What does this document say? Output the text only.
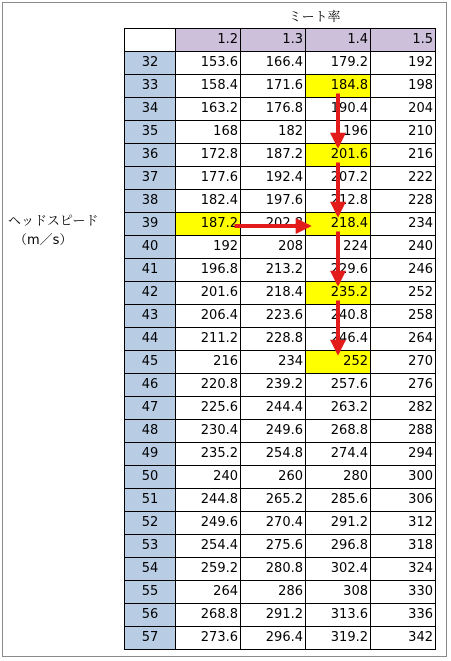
ミート率
ヘッドスピード
（m／s）
	1.2	1.3	1.4	1.5
32	153.6	166.4	179.2	192
33	158.4	171.6	184.8	198
34	163.2	176.8	190.4	204
35	168	182	196	210
36	172.8	187.2	201.6	216
37	177.6	192.4	207.2	222
38	182.4	197.6	212.8	228
39	187.2	202.8	218.4	234
40	192	208	224	240
41	196.8	213.2	229.6	246
42	201.6	218.4	235.2	252
43	206.4	223.6	240.8	258
44	211.2	228.8	246.4	264
45	216	234	252	270
46	220.8	239.2	257.6	276
47	225.6	244.4	263.2	282
48	230.4	249.6	268.8	288
49	235.2	254.8	274.4	294
50	240	260	280	300
51	244.8	265.2	285.6	306
52	249.6	270.4	291.2	312
53	254.4	275.6	296.8	318
54	259.2	280.8	302.4	324
55	264	286	308	330
56	268.8	291.2	313.6	336
57	273.6	296.4	319.2	342
